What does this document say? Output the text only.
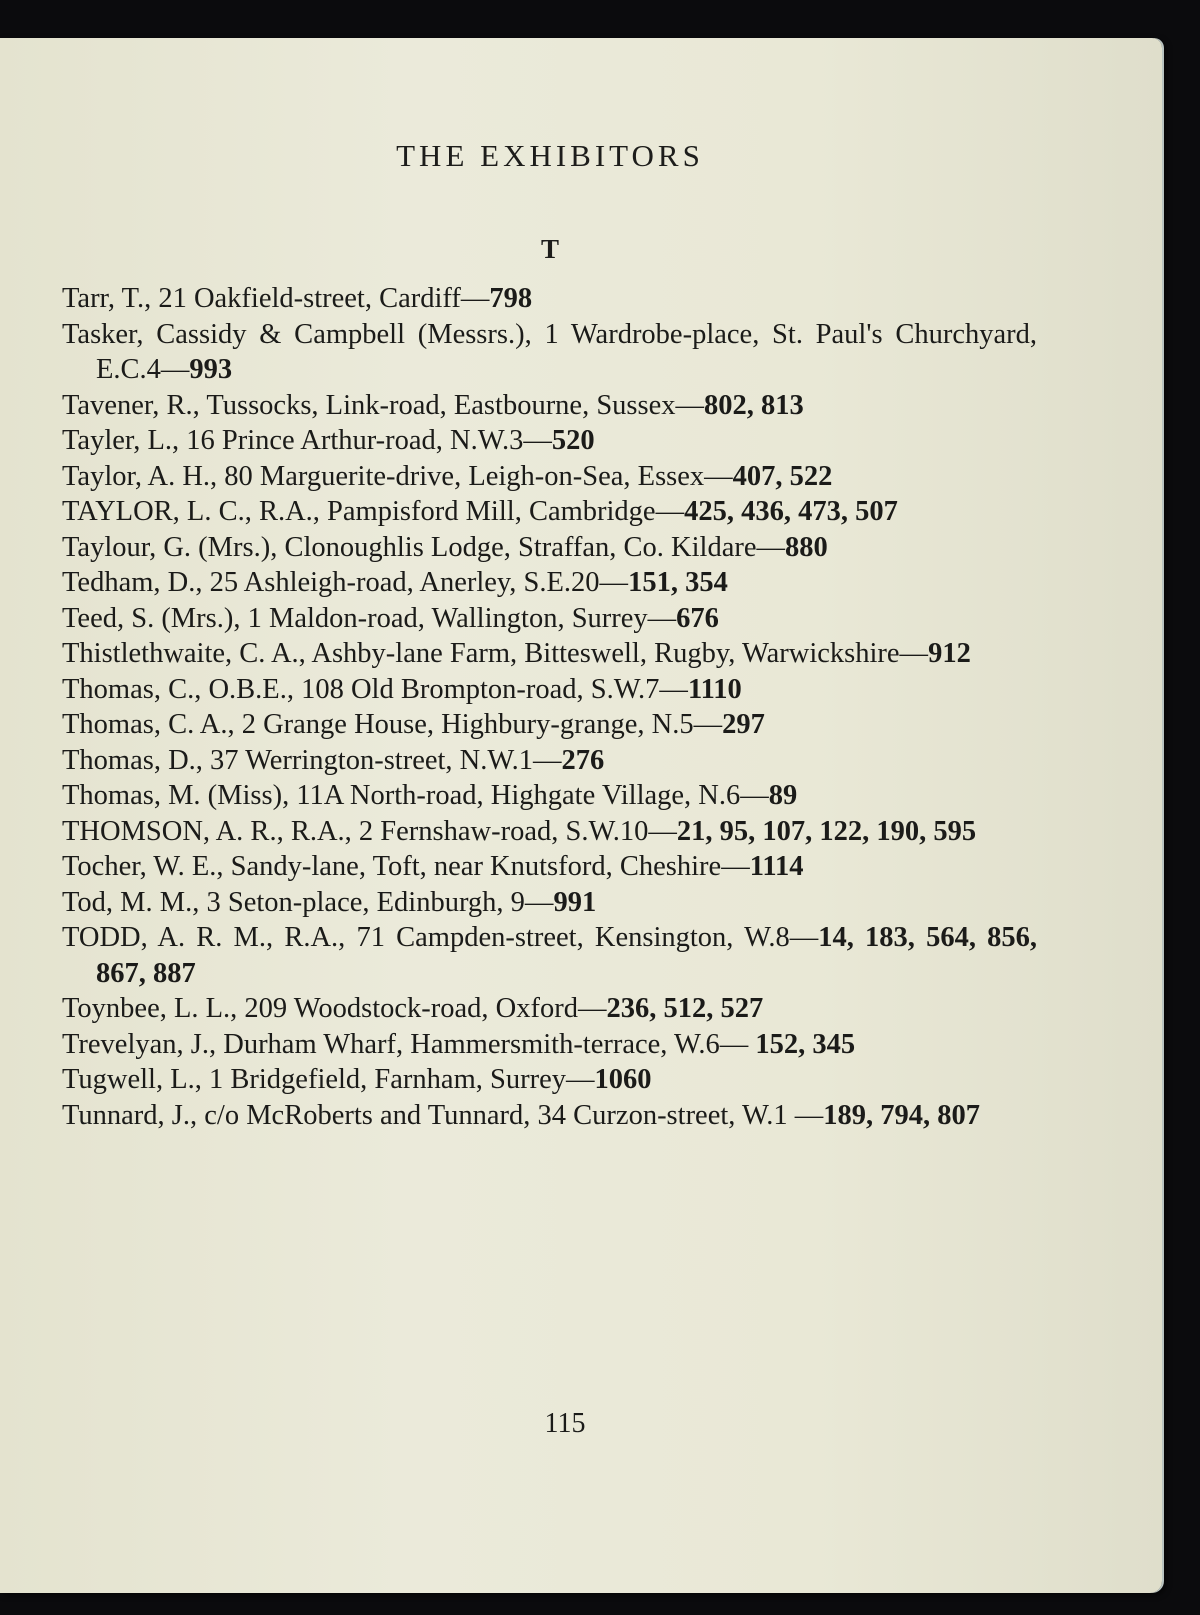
THE EXHIBITORS
T
Tarr, T., 21 Oakfield-street, Cardiff—798
Tasker, Cassidy & Campbell (Messrs.), 1 Wardrobe-place, St. Paul's Churchyard, E.C.4—993
Tavener, R., Tussocks, Link-road, Eastbourne, Sussex—802, 813
Tayler, L., 16 Prince Arthur-road, N.W.3—520
Taylor, A. H., 80 Marguerite-drive, Leigh-on-Sea, Essex—407, 522
TAYLOR, L. C., R.A., Pampisford Mill, Cambridge—425, 436, 473, 507
Taylour, G. (Mrs.), Clonoughlis Lodge, Straffan, Co. Kildare—880
Tedham, D., 25 Ashleigh-road, Anerley, S.E.20—151, 354
Teed, S. (Mrs.), 1 Maldon-road, Wallington, Surrey—676
Thistlethwaite, C. A., Ashby-lane Farm, Bitteswell, Rugby, Warwickshire—912
Thomas, C., O.B.E., 108 Old Brompton-road, S.W.7—1110
Thomas, C. A., 2 Grange House, Highbury-grange, N.5—297
Thomas, D., 37 Werrington-street, N.W.1—276
Thomas, M. (Miss), 11A North-road, Highgate Village, N.6—89
THOMSON, A. R., R.A., 2 Fernshaw-road, S.W.10—21, 95, 107, 122, 190, 595
Tocher, W. E., Sandy-lane, Toft, near Knutsford, Cheshire—1114
Tod, M. M., 3 Seton-place, Edinburgh, 9—991
TODD, A. R. M., R.A., 71 Campden-street, Kensington, W.8—14, 183, 564, 856, 867, 887
Toynbee, L. L., 209 Woodstock-road, Oxford—236, 512, 527
Trevelyan, J., Durham Wharf, Hammersmith-terrace, W.6— 152, 345
Tugwell, L., 1 Bridgefield, Farnham, Surrey—1060
Tunnard, J., c/o McRoberts and Tunnard, 34 Curzon-street, W.1 —189, 794, 807
115
